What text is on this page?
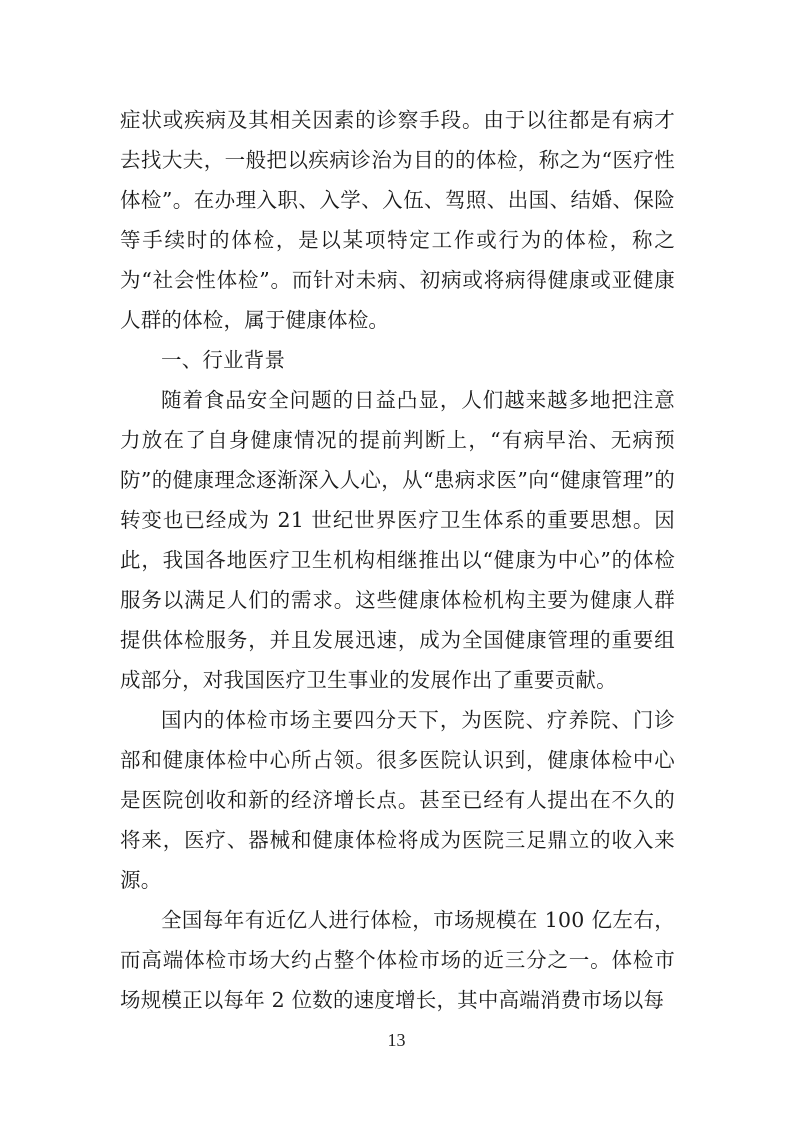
症状或疾病及其相关因素的诊察手段。由于以往都是有病才去找大夫，一般把以疾病诊治为目的的体检，称之为“医疗性体检”。在办理入职、入学、入伍、驾照、出国、结婚、保险等手续时的体检，是以某项特定工作或行为的体检，称之为“社会性体检”。而针对未病、初病或将病得健康或亚健康人群的体检，属于健康体检。

一、行业背景

随着食品安全问题的日益凸显，人们越来越多地把注意力放在了自身健康情况的提前判断上，“有病早治、无病预防”的健康理念逐渐深入人心，从“患病求医”向“健康管理”的转变也已经成为 21 世纪世界医疗卫生体系的重要思想。因此，我国各地医疗卫生机构相继推出以“健康为中心”的体检服务以满足人们的需求。这些健康体检机构主要为健康人群提供体检服务，并且发展迅速，成为全国健康管理的重要组成部分，对我国医疗卫生事业的发展作出了重要贡献。

国内的体检市场主要四分天下，为医院、疗养院、门诊部和健康体检中心所占领。很多医院认识到，健康体检中心是医院创收和新的经济增长点。甚至已经有人提出在不久的将来，医疗、器械和健康体检将成为医院三足鼎立的收入来源。

全国每年有近亿人进行体检，市场规模在 100 亿左右，而高端体检市场大约占整个体检市场的近三分之一。体检市场规模正以每年 2 位数的速度增长，其中高端消费市场以每

13
